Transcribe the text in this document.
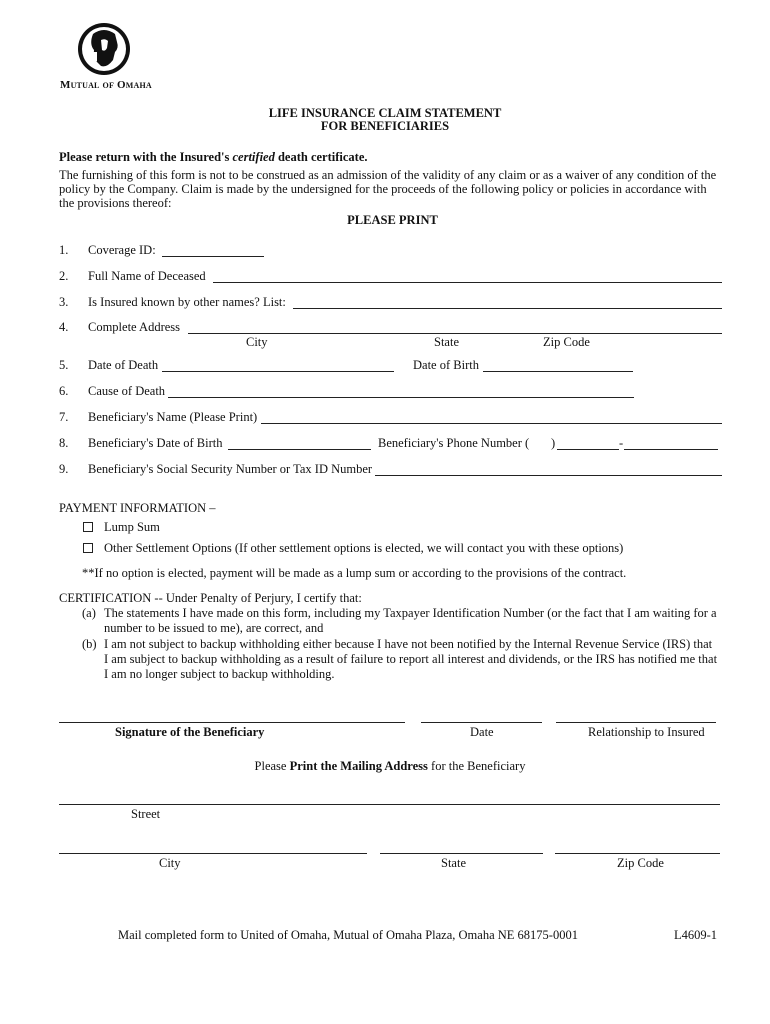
Mutual of Omaha
LIFE INSURANCE CLAIM STATEMENT
FOR BENEFICIARIES
Please return with the Insured's certified death certificate.
The furnishing of this form is not to be construed as an admission of the validity of any claim or as a waiver of any condition of the policy by the Company. Claim is made by the undersigned for the proceeds of the following policy or policies in accordance with the provisions thereof:
PLEASE PRINT
1. Coverage ID:
2. Full Name of Deceased
3. Is Insured known by other names? List:
4. Complete Address
City	State	Zip Code
5. Date of Death	Date of Birth
6. Cause of Death
7. Beneficiary's Name (Please Print)
8. Beneficiary's Date of Birth	Beneficiary's Phone Number ( )	-
9. Beneficiary's Social Security Number or Tax ID Number
PAYMENT INFORMATION –
Lump Sum
Other Settlement Options (If other settlement options is elected, we will contact you with these options)
**If no option is elected, payment will be made as a lump sum or according to the provisions of the contract.
CERTIFICATION -- Under Penalty of Perjury, I certify that:
(a) The statements I have made on this form, including my Taxpayer Identification Number (or the fact that I am waiting for a
number to be issued to me), are correct, and
(b) I am not subject to backup withholding either because I have not been notified by the Internal Revenue Service (IRS) that
I am subject to backup withholding as a result of failure to report all interest and dividends, or the IRS has notified me that
I am no longer subject to backup withholding.
Signature of the Beneficiary	Date	Relationship to Insured
Please Print the Mailing Address for the Beneficiary
Street
City	State	Zip Code
Mail completed form to United of Omaha, Mutual of Omaha Plaza, Omaha NE 68175-0001	L4609-1
